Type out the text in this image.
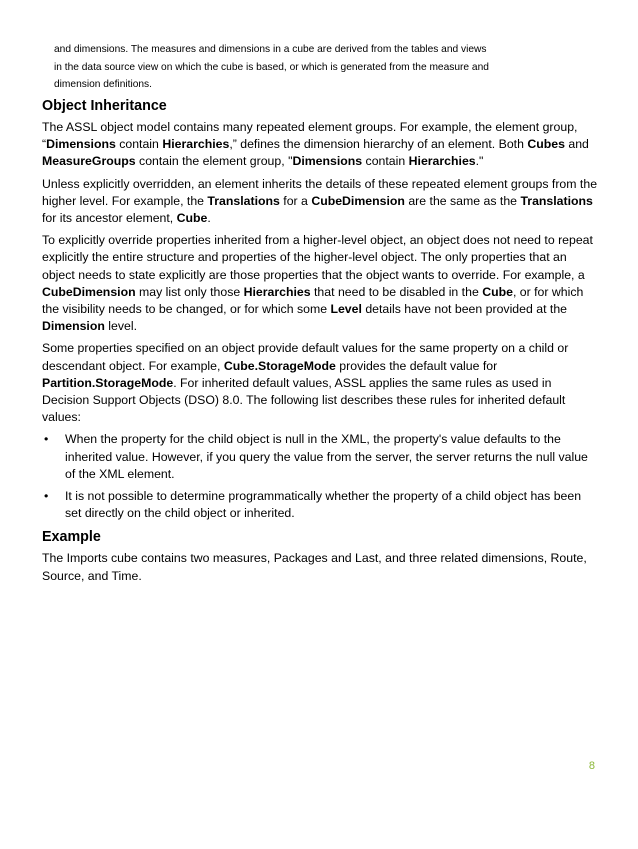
and dimensions. The measures and dimensions in a cube are derived from the tables and views in the data source view on which the cube is based, or which is generated from the measure and dimension definitions.

Object Inheritance

The ASSL object model contains many repeated element groups. For example, the element group, “Dimensions contain Hierarchies,” defines the dimension hierarchy of an element. Both Cubes and MeasureGroups contain the element group, "Dimensions contain Hierarchies."

Unless explicitly overridden, an element inherits the details of these repeated element groups from the higher level. For example, the Translations for a CubeDimension are the same as the Translations for its ancestor element, Cube.

To explicitly override properties inherited from a higher-level object, an object does not need to repeat explicitly the entire structure and properties of the higher-level object. The only properties that an object needs to state explicitly are those properties that the object wants to override. For example, a CubeDimension may list only those Hierarchies that need to be disabled in the Cube, or for which the visibility needs to be changed, or for which some Level details have not been provided at the Dimension level.

Some properties specified on an object provide default values for the same property on a child or descendant object. For example, Cube.StorageMode provides the default value for Partition.StorageMode. For inherited default values, ASSL applies the same rules as used in Decision Support Objects (DSO) 8.0. The following list describes these rules for inherited default values:

• When the property for the child object is null in the XML, the property's value defaults to the inherited value. However, if you query the value from the server, the server returns the null value of the XML element.
• It is not possible to determine programmatically whether the property of a child object has been set directly on the child object or inherited.
Example

The Imports cube contains two measures, Packages and Last, and three related dimensions, Route, Source, and Time.

8
